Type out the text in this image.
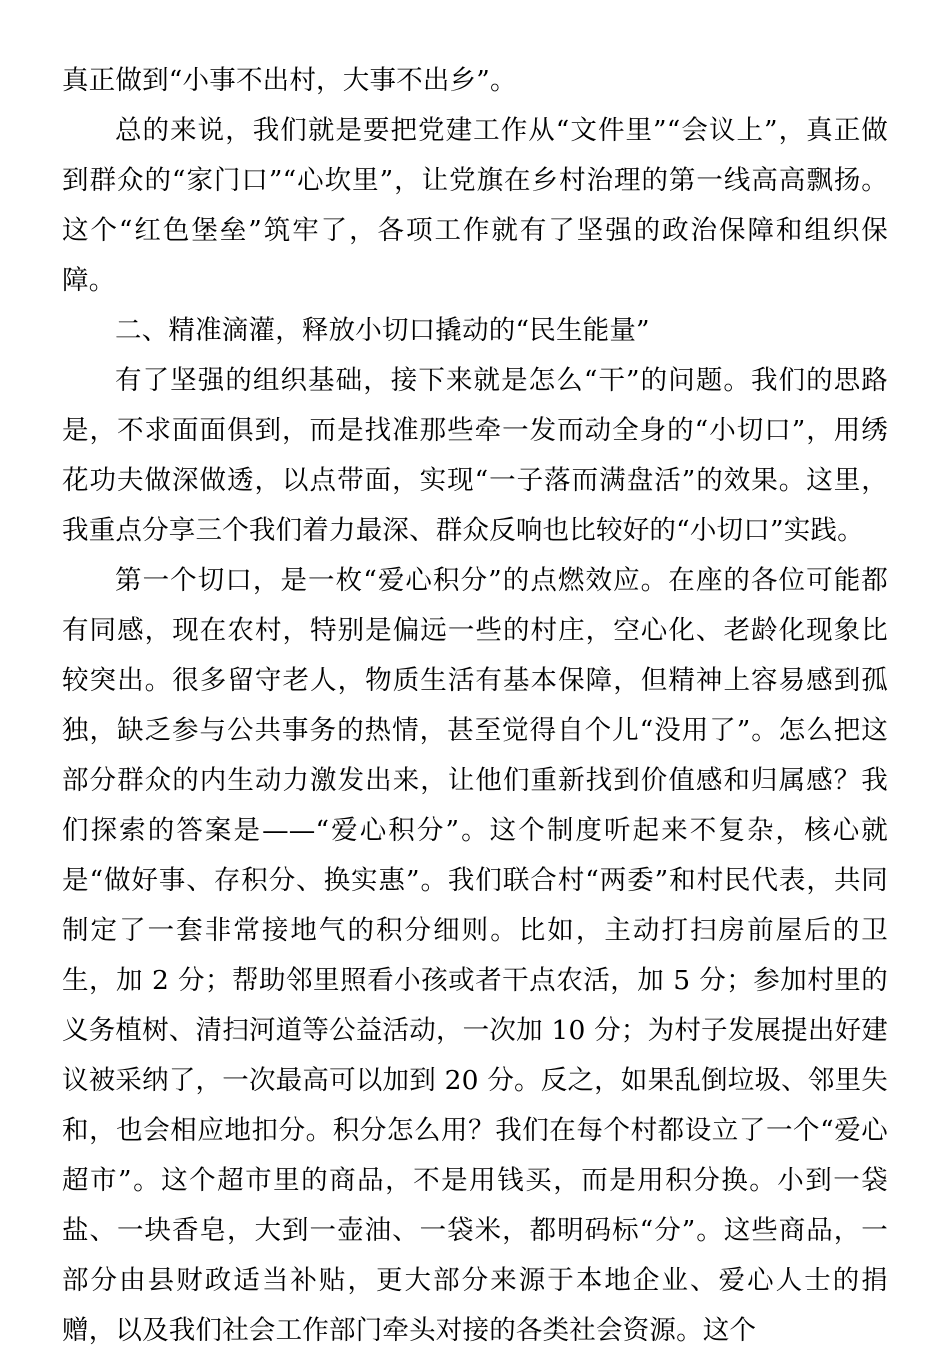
真正做到“小事不出村，大事不出乡”。

总的来说，我们就是要把党建工作从“文件里”“会议上”，真正做到群众的“家门口”“心坎里”，让党旗在乡村治理的第一线高高飘扬。这个“红色堡垒”筑牢了，各项工作就有了坚强的政治保障和组织保障。

二、精准滴灌，释放小切口撬动的“民生能量”

有了坚强的组织基础，接下来就是怎么“干”的问题。我们的思路是，不求面面俱到，而是找准那些牵一发而动全身的“小切口”，用绣花功夫做深做透，以点带面，实现“一子落而满盘活”的效果。这里，我重点分享三个我们着力最深、群众反响也比较好的“小切口”实践。

第一个切口，是一枚“爱心积分”的点燃效应。在座的各位可能都有同感，现在农村，特别是偏远一些的村庄，空心化、老龄化现象比较突出。很多留守老人，物质生活有基本保障，但精神上容易感到孤独，缺乏参与公共事务的热情，甚至觉得自个儿“没用了”。怎么把这部分群众的内生动力激发出来，让他们重新找到价值感和归属感？我们探索的答案是——“爱心积分”。这个制度听起来不复杂，核心就是“做好事、存积分、换实惠”。我们联合村“两委”和村民代表，共同制定了一套非常接地气的积分细则。比如，主动打扫房前屋后的卫生，加 2 分；帮助邻里照看小孩或者干点农活，加 5 分；参加村里的义务植树、清扫河道等公益活动，一次加 10 分；为村子发展提出好建议被采纳了，一次最高可以加到 20 分。反之，如果乱倒垃圾、邻里失和，也会相应地扣分。积分怎么用？我们在每个村都设立了一个“爱心超市”。这个超市里的商品，不是用钱买，而是用积分换。小到一袋盐、一块香皂，大到一壶油、一袋米，都明码标“分”。这些商品，一部分由县财政适当补贴，更大部分来源于本地企业、爱心人士的捐赠，以及我们社会工作部门牵头对接的各类社会资源。这个
